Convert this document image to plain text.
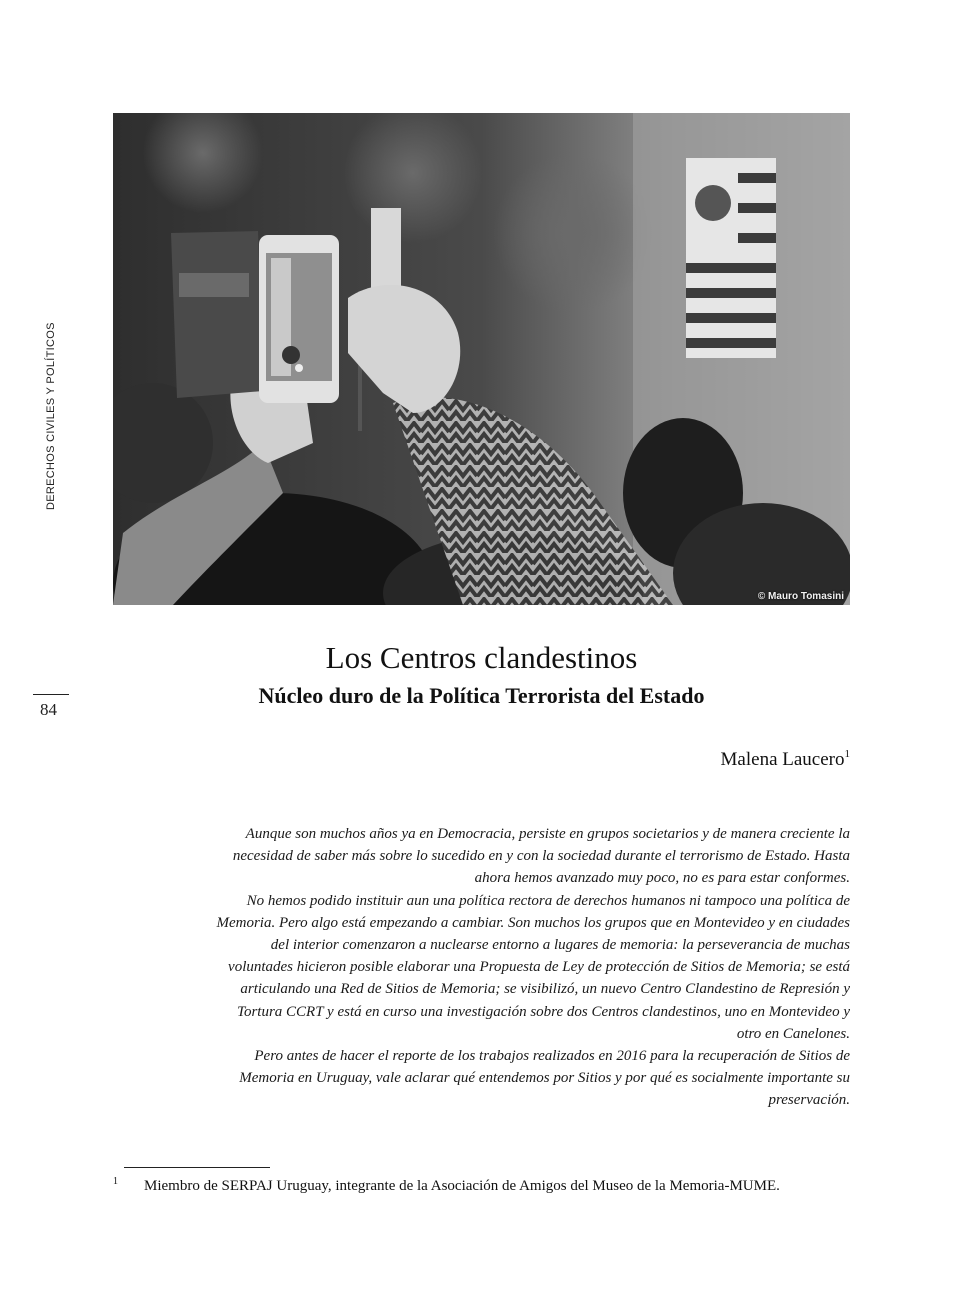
DERECHOS CIVILES Y POLÍTICOS
84
© Mauro Tomasini
Los Centros clandestinos
Núcleo duro de la Política Terrorista del Estado
Malena Laucero$^1$

Aunque son muchos años ya en Democracia, persiste en grupos societarios y de manera creciente la necesidad de saber más sobre lo sucedido en y con la sociedad durante el terrorismo de Estado. Hasta ahora hemos avanzado muy poco, no es para estar conformes.

No hemos podido instituir aun una política rectora de derechos humanos ni tampoco una política de Memoria. Pero algo está empezando a cambiar. Son muchos los grupos que en Montevideo y en ciudades del interior comenzaron a nuclearse entorno a lugares de memoria: la perseverancia de muchas voluntades hicieron posible elaborar una Propuesta de Ley de protección de Sitios de Memoria; se está articulando una Red de Sitios de Memoria; se visibilizó, un nuevo Centro Clandestino de Represión y Tortura CCRT y está en curso una investigación sobre dos Centros clandestinos, uno en Montevideo y otro en Canelones.

Pero antes de hacer el reporte de los trabajos realizados en 2016 para la recuperación de Sitios de Memoria en Uruguay, vale aclarar qué entendemos por Sitios y por qué es socialmente importante su preservación.

1 Miembro de SERPAJ Uruguay, integrante de la Asociación de Amigos del Museo de la Memoria-MUME.
